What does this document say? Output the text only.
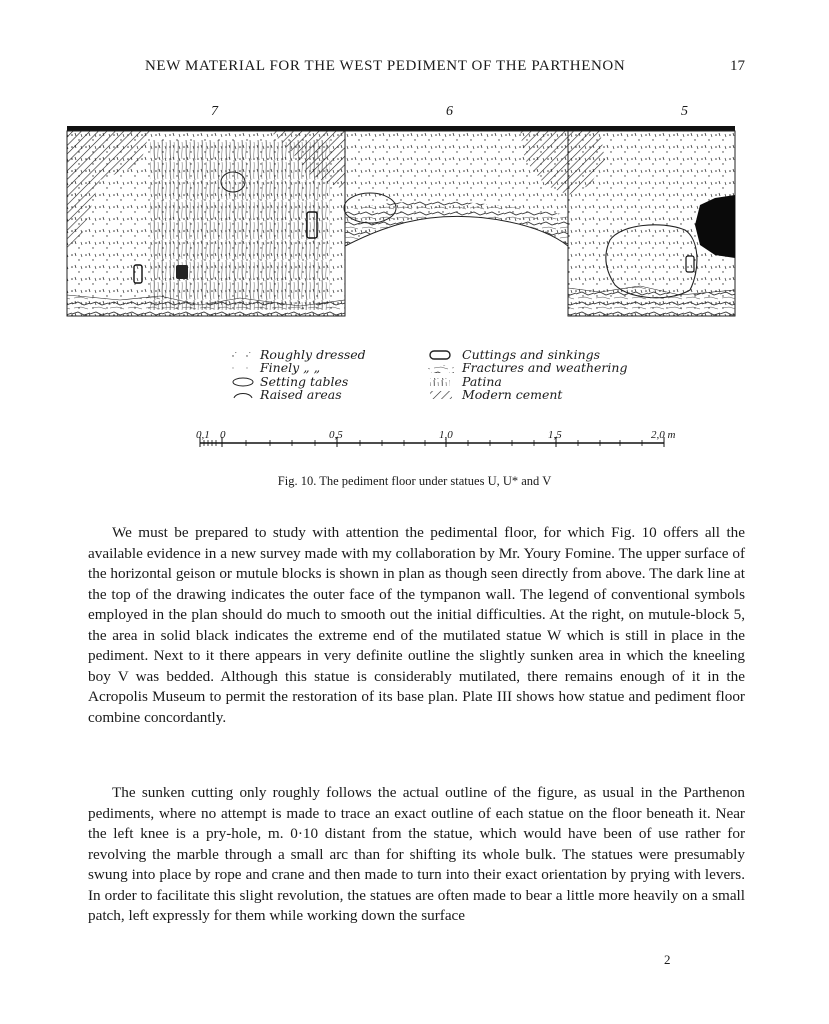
NEW MATERIAL FOR THE WEST PEDIMENT OF THE PARTHENON	17
7	6	5
Roughly dressed
Finely „ „
Setting tables
Raised areas
Cuttings and sinkings
Fractures and weathering
Patina
Modern cement
0,1 0	0,5	1,0	1,5	2,0 m
Fig. 10. The pediment floor under statues U, U* and V

We must be prepared to study with attention the pedimental floor, for which Fig. 10 offers all the available evidence in a new survey made with my collaboration by Mr. Youry Fomine. The upper surface of the horizontal geison or mutule blocks is shown in plan as though seen directly from above. The dark line at the top of the drawing indicates the outer face of the tympanon wall. The legend of conventional symbols employed in the plan should do much to smooth out the initial difficulties. At the right, on mutule-block 5, the area in solid black indicates the extreme end of the mutilated statue W which is still in place in the pediment. Next to it there appears in very definite outline the slightly sunken area in which the kneeling boy V was bedded. Although this statue is considerably mutilated, there remains enough of it in the Acropolis Museum to permit the restoration of its base plan. Plate III shows how statue and pediment floor combine concordantly.

The sunken cutting only roughly follows the actual outline of the figure, as usual in the Parthenon pediments, where no attempt is made to trace an exact outline of each statue on the floor beneath it. Near the left knee is a pry-hole, m. 0·10 distant from the statue, which would have been of use rather for revolving the marble through a small arc than for shifting its whole bulk. The statues were presumably swung into place by rope and crane and then made to turn into their exact orientation by prying with levers. In order to facilitate this slight revolution, the statues are often made to bear a little more heavily on a small patch, left expressly for them while working down the surface

2
